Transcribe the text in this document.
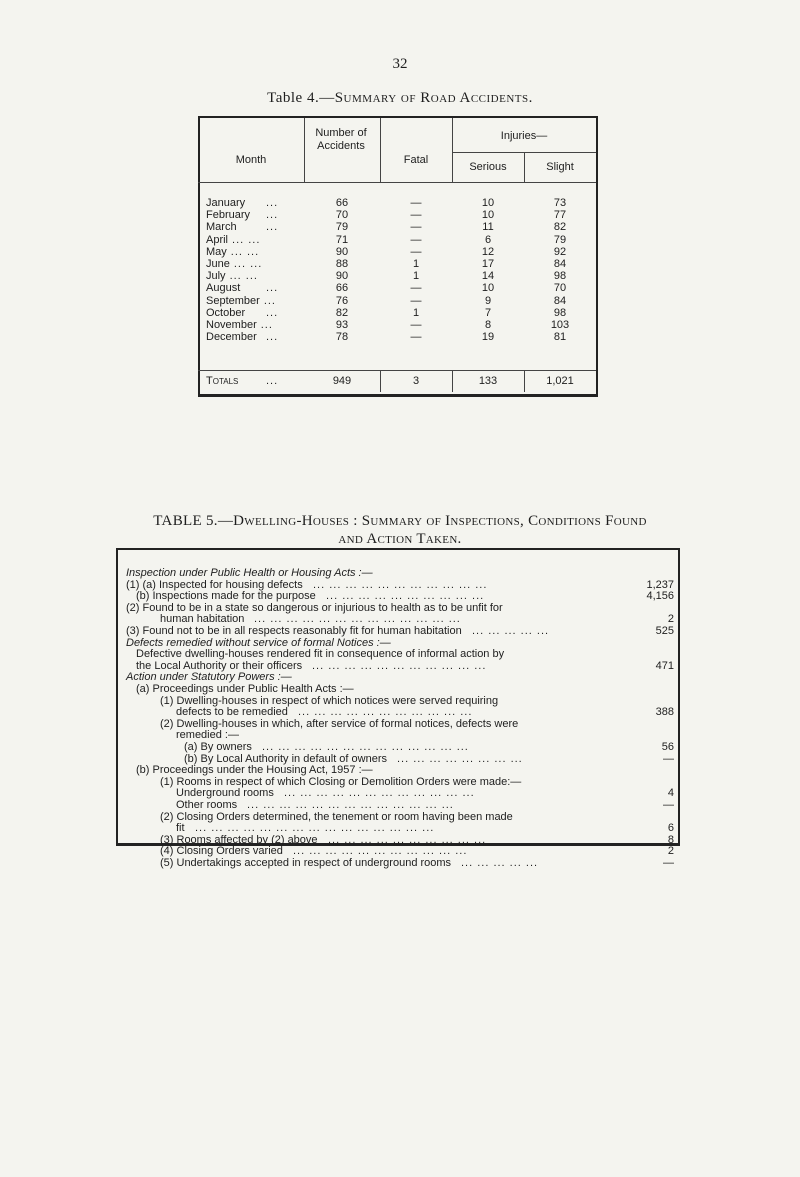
32
Table 4.—Summary of Road Accidents.
Month
Number of Accidents
Fatal
Injuries—
Serious	Slight
January ...	66	—	10	73
February ...	70	—	10	77
March	...	79	—	11	82
April ... ...	71	—	6	79
May ... ...	90	—	12	92
June ... ...	88	1	17	84
July ... ...	90	1	14	98
August ...	66	—	10	70
September ...	76	—	9	84
October ...	82	1	7	98
November ...	93	—	8	103
December ...	78	—	19	81
Totals	...	949	3	133	1,021
TABLE 5.—Dwelling-Houses : Summary of Inspections, Conditions Found
and Action Taken.
Inspection under Public Health or Housing Acts :—
(1) (a) Inspected for housing defects ... ... ... ... ... ... ... ... ... ... ...	1,237
(b) Inspections made for the purpose ... ... ... ... ... ... ... ... ... ...	4,156
(2) Found to be in a state so dangerous or injurious to health as to be unfit for
human habitation ... ... ... ... ... ... ... ... ... ... ... ... ...	2
(3) Found not to be in all respects reasonably fit for human habitation ... ... ... ... ...	525
Defects remedied without service of formal Notices :—
Defective dwelling-houses rendered fit in consequence of informal action by
the Local Authority or their officers ... ... ... ... ... ... ... ... ... ... ...	471
Action under Statutory Powers :—
(a) Proceedings under Public Health Acts :—
(1) Dwelling-houses in respect of which notices were served requiring
defects to be remedied ... ... ... ... ... ... ... ... ... ... ...	388
(2) Dwelling-houses in which, after service of formal notices, defects were
remedied :—
(a) By owners ... ... ... ... ... ... ... ... ... ... ... ... ...	56
(b) By Local Authority in default of owners ... ... ... ... ... ... ... ...	—
(b) Proceedings under the Housing Act, 1957 :—
(1) Rooms in respect of which Closing or Demolition Orders were made:—
Underground rooms ... ... ... ... ... ... ... ... ... ... ... ...	4
Other rooms ... ... ... ... ... ... ... ... ... ... ... ... ...	—
(2) Closing Orders determined, the tenement or room having been made
fit ... ... ... ... ... ... ... ... ... ... ... ... ... ... ...	6
(3) Rooms affected by (2) above ... ... ... ... ... ... ... ... ... ...	8
(4) Closing Orders varied ... ... ... ... ... ... ... ... ... ... ...	2
(5) Undertakings accepted in respect of underground rooms ... ... ... ... ...	—
